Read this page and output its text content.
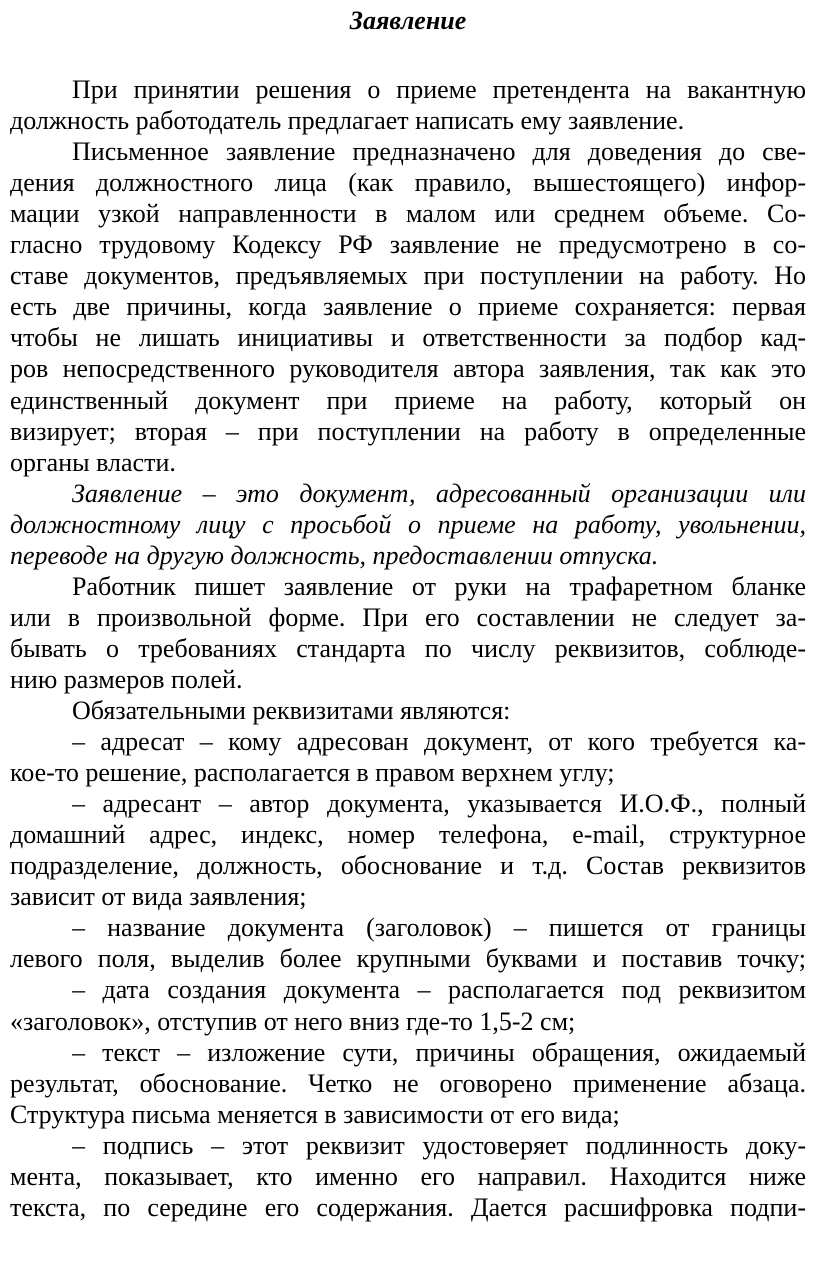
Заявление
При принятии решения о приеме претендента на вакантную
должность работодатель предлагает написать ему заявление.
Письменное заявление предназначено для доведения до све-
дения должностного лица (как правило, вышестоящего) инфор-
мации узкой направленности в малом или среднем объеме. Со-
гласно трудовому Кодексу РФ заявление не предусмотрено в со-
ставе документов, предъявляемых при поступлении на работу. Но
есть две причины, когда заявление о приеме сохраняется: первая
чтобы не лишать инициативы и ответственности за подбор кад-
ров непосредственного руководителя автора заявления, так как это
единственный документ при приеме на работу, который он
визирует; вторая – при поступлении на работу в определенные
органы власти.
Заявление – это документ, адресованный организации или
должностному лицу с просьбой о приеме на работу, увольнении,
переводе на другую должность, предоставлении отпуска.
Работник пишет заявление от руки на трафаретном бланке
или в произвольной форме. При его составлении не следует за-
бывать о требованиях стандарта по числу реквизитов, соблюде-
нию размеров полей.
Обязательными реквизитами являются:
– адресат – кому адресован документ, от кого требуется ка-
кое-то решение, располагается в правом верхнем углу;
– адресант – автор документа, указывается И.О.Ф., полный
домашний адрес, индекс, номер телефона, e-mail, структурное
подразделение, должность, обоснование и т.д. Состав реквизитов
зависит от вида заявления;
– название документа (заголовок) – пишется от границы
левого поля, выделив более крупными буквами и поставив точку;
– дата создания документа – располагается под реквизитом
«заголовок», отступив от него вниз где-то 1,5-2 см;
– текст – изложение сути, причины обращения, ожидаемый
результат, обоснование. Четко не оговорено применение абзаца.
Структура письма меняется в зависимости от его вида;
– подпись – этот реквизит удостоверяет подлинность доку-
мента, показывает, кто именно его направил. Находится ниже
текста, по середине его содержания. Дается расшифровка подпи-
